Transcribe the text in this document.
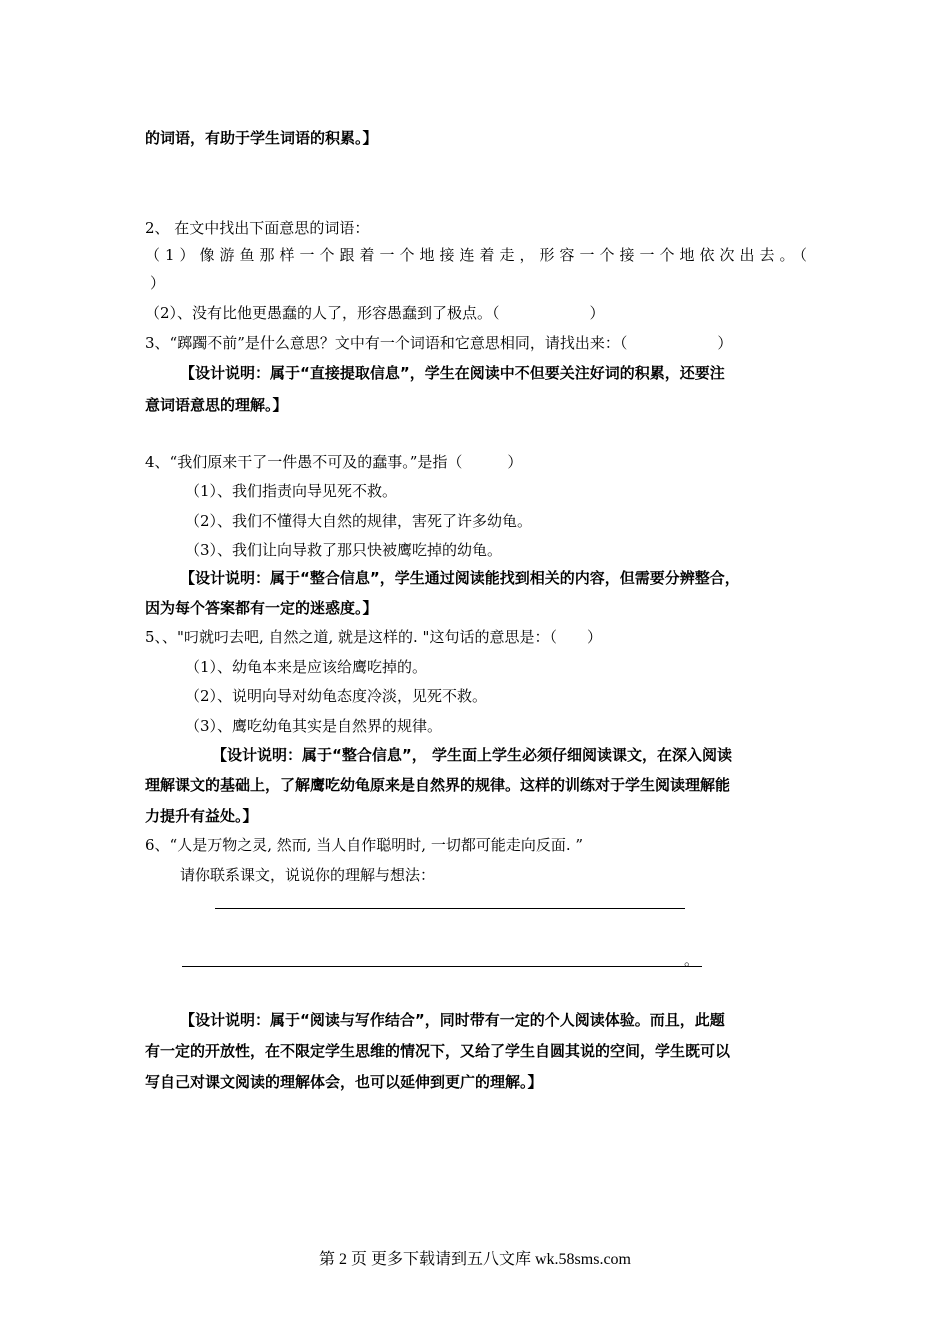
的词语，有助于学生词语的积累。】
2、 在文中找出下面意思的词语：
（1）像游鱼那样一个跟着一个地接连着走，形容一个接一个地依次出去。（
）
（2）、没有比他更愚蠢的人了，形容愚蠢到了极点。（　　　　　　）
3、“踯躅不前”是什么意思？文中有一个词语和它意思相同，请找出来：（　　　　　　）
【设计说明：属于“直接提取信息”，学生在阅读中不但要关注好词的积累，还要注
意词语意思的理解。】
4、“我们原来干了一件愚不可及的蠢事。”是指（　　　）
（1）、我们指责向导见死不救。
（2）、我们不懂得大自然的规律，害死了许多幼龟。
（3）、我们让向导救了那只快被鹰吃掉的幼龟。
【设计说明：属于“整合信息”，学生通过阅读能找到相关的内容，但需要分辨整合，
因为每个答案都有一定的迷惑度。】
5、、"叼就叼去吧, 自然之道, 就是这样的. "这句话的意思是：（　　）
（1）、幼龟本来是应该给鹰吃掉的。
（2）、说明向导对幼龟态度冷淡，见死不救。
（3）、鹰吃幼龟其实是自然界的规律。
【设计说明：属于“整合信息”， 学生面上学生必须仔细阅读课文，在深入阅读
理解课文的基础上，了解鹰吃幼龟原来是自然界的规律。这样的训练对于学生阅读理解能
力提升有益处。】
6、“人是万物之灵, 然而, 当人自作聪明时, 一切都可能走向反面. ”
请你联系课文，说说你的理解与想法：
。
【设计说明：属于“阅读与写作结合”，同时带有一定的个人阅读体验。而且，此题
有一定的开放性，在不限定学生思维的情况下，又给了学生自圆其说的空间，学生既可以
写自己对课文阅读的理解体会，也可以延伸到更广的理解。】
第 2 页 更多下载请到五八文库 wk.58sms.com
